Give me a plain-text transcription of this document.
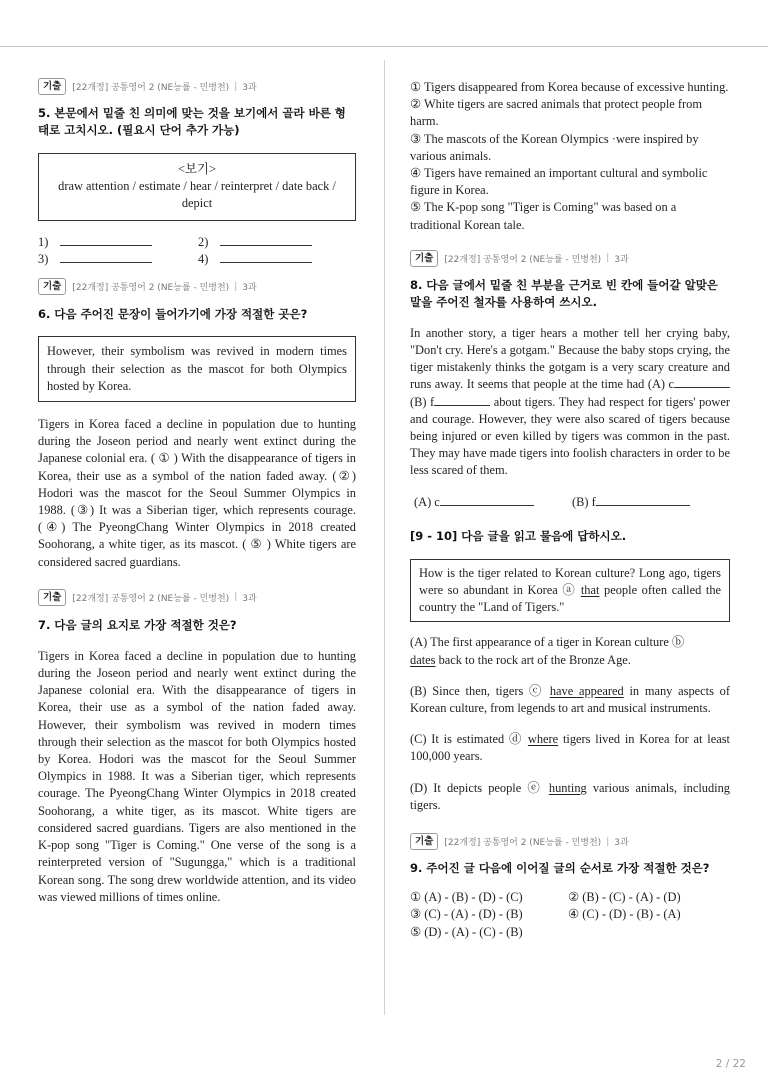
기출	[22개정] 공통영어 2 (NE능률 - 민병천) | 3과
5. 본문에서 밑줄 친 의미에 맞는 것을 보기에서 골라 바른 형태로 고치시오. (필요시 단어 추가 가능)
<보기>
draw attention / estimate / hear / reinterpret / date back / depict
1)	2)
3)	4)
기출	[22개정] 공통영어 2 (NE능률 - 민병천) | 3과
6. 다음 주어진 문장이 들어가기에 가장 적절한 곳은?
However, their symbolism was revived in modern times through their selection as the mascot for both Olympics hosted by Korea.

Tigers in Korea faced a decline in population due to hunting during the Joseon period and nearly went extinct during the Japanese colonial era. ( ① ) With the disappearance of tigers in Korea, their use as a symbol of the nation faded away. (②) Hodori was the mascot for the Seoul Summer Olympics in 1988. (③) It was a Siberian tiger, which represents courage. (④) The PyeongChang Winter Olympics in 2018 created Soohorang, a white tiger, as its mascot. ( ⑤ ) White tigers are considered sacred guardians.

기출	[22개정] 공통영어 2 (NE능률 - 민병천) | 3과
7. 다음 글의 요지로 가장 적절한 것은?

Tigers in Korea faced a decline in population due to hunting during the Joseon period and nearly went extinct during the Japanese colonial era. With the disappearance of tigers in Korea, their use as a symbol of the nation faded away. However, their symbolism was revived in modern times through their selection as the mascot for both Olympics hosted by Korea. Hodori was the mascot for the Seoul Summer Olympics in 1988. It was a Siberian tiger, which represents courage. The PyeongChang Winter Olympics in 2018 created Soohorang, a white tiger, as its mascot. White tigers are considered sacred guardians. Tigers are also mentioned in the K-pop song "Tiger is Coming." One verse of the song is a reinterpreted version of "Sugungga," which is a traditional Korean song. The song drew worldwide attention, and its video was viewed millions of times online.

① Tigers disappeared from Korea because of excessive hunting.
② White tigers are sacred animals that protect people from harm.
③ The mascots of the Korean Olympics ·were inspired by various animals.
④ Tigers have remained an important cultural and symbolic figure in Korea.
⑤ The K-pop song "Tiger is Coming" was based on a traditional Korean tale.
기출	[22개정] 공통영어 2 (NE능률 - 민병천) | 3과
8. 다음 글에서 밑줄 친 부분을 근거로 빈 칸에 들어갈 알맞은 말을 주어진 철자를 사용하여 쓰시오.

In another story, a tiger hears a mother tell her crying baby, "Don't cry. Here's a gotgam." Because the baby stops crying, the tiger mistakenly thinks the gotgam is a very scary creature and runs away. It seems that people at the time had (A) c (B) f	about tigers. They had respect for tigers' power and courage. However, they were also scared of tigers because being injured or even killed by tigers was common in the past. They may have made tigers into foolish characters in order to be less scared of them.

(A) c	(B) f
[9 - 10] 다음 글을 읽고 물음에 답하시오.
How is the tiger related to Korean culture? Long ago, tigers were so abundant in Korea ⓐ that people often called the country the "Land of Tigers."

(A) The first appearance of a tiger in Korean culture ⓑ
dates back to the rock art of the Bronze Age.

(B) Since then, tigers ⓒ have appeared in many aspects of Korean culture, from legends to art and musical instruments.

(C) It is estimated ⓓ where tigers lived in Korea for at least 100,000 years.

(D) It depicts people ⓔ hunting various animals, including tigers.

기출	[22개정] 공통영어 2 (NE능률 - 민병천) | 3과
9. 주어진 글 다음에 이어질 글의 순서로 가장 적절한 것은?
① (A) - (B) - (D) - (C)	② (B) - (C) - (A) - (D)
③ (C) - (A) - (D) - (B)	④ (C) - (D) - (B) - (A)
⑤ (D) - (A) - (C) - (B)
2 / 22
